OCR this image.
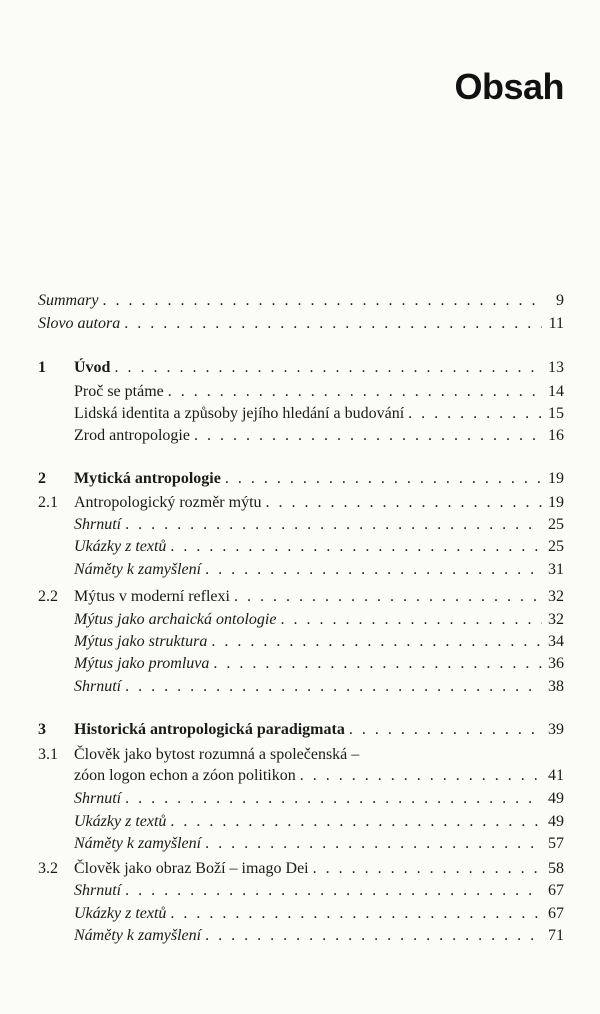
Obsah
Summary . . .	9
Slovo autora . . .	11
1 Úvod . . .	13
Proč se ptáme . . .	14
Lidská identita a způsoby jejího hledání a budování . . .	15
Zrod antropologie . . .	16
2 Mytická antropologie . . .	19
2.1 Antropologický rozměr mýtu . . .	19
Shrnutí . . .	25
Ukázky z textů . . .	25
Náměty k zamyšlení . . .	31
2.2 Mýtus v moderní reflexi . . .	32
Mýtus jako archaická ontologie . . .	32
Mýtus jako struktura . . .	34
Mýtus jako promluva . . .	36
Shrnutí . . .	38
3 Historická antropologická paradigmata . . .	39
3.1 Člověk jako bytost rozumná a společenská –
zóon logon echon a zóon politikon . . .	41
Shrnutí . . .	49
Ukázky z textů . . .	49
Náměty k zamyšlení . . .	57
3.2 Člověk jako obraz Boží – imago Dei . . .	58
Shrnutí . . .	67
Ukázky z textů . . .	67
Náměty k zamyšlení . . .	71
